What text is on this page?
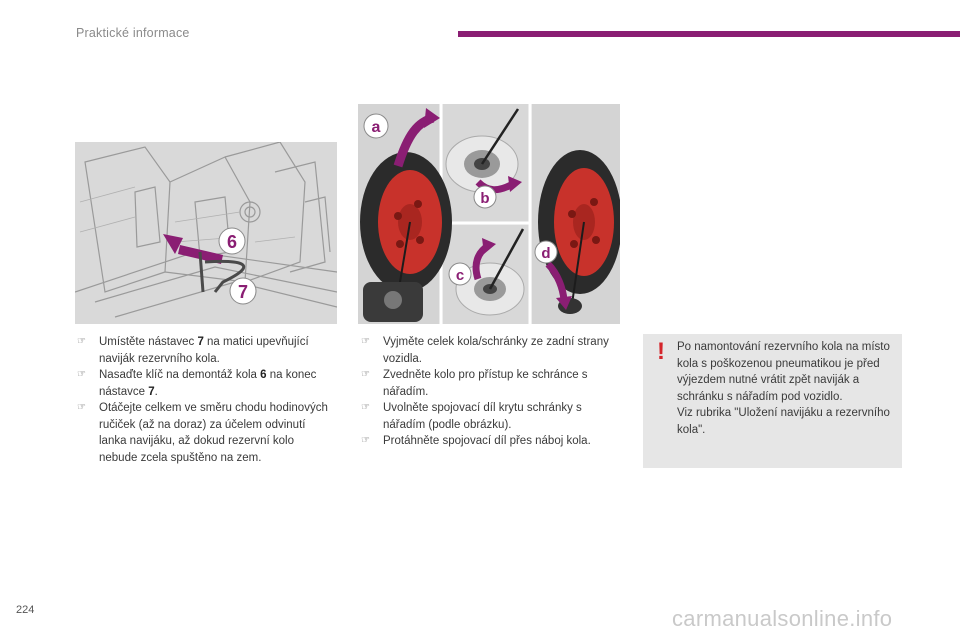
Praktické informace
6
7
a
b
c
d
☞ Umístěte nástavec 7 na matici upevňující naviják rezervního kola.
☞ Nasaďte klíč na demontáž kola 6 na konec nástavce 7.
☞ Otáčejte celkem ve směru chodu hodinových ručiček (až na doraz) za účelem odvinutí lanka navijáku, až dokud rezervní kolo nebude zcela spuštěno na zem.
☞ Vyjměte celek kola/schránky ze zadní strany vozidla.
☞ Zvedněte kolo pro přístup ke schránce s nářadím.
☞ Uvolněte spojovací díl krytu schránky s nářadím (podle obrázku).
☞ Protáhněte spojovací díl přes náboj kola.
! Po namontování rezervního kola na místo kola s poškozenou pneumatikou je před výjezdem nutné vrátit zpět naviják a schránku s nářadím pod vozidlo.
Viz rubrika "Uložení navijáku a rezervního kola".

224	carmanualsonline.info
